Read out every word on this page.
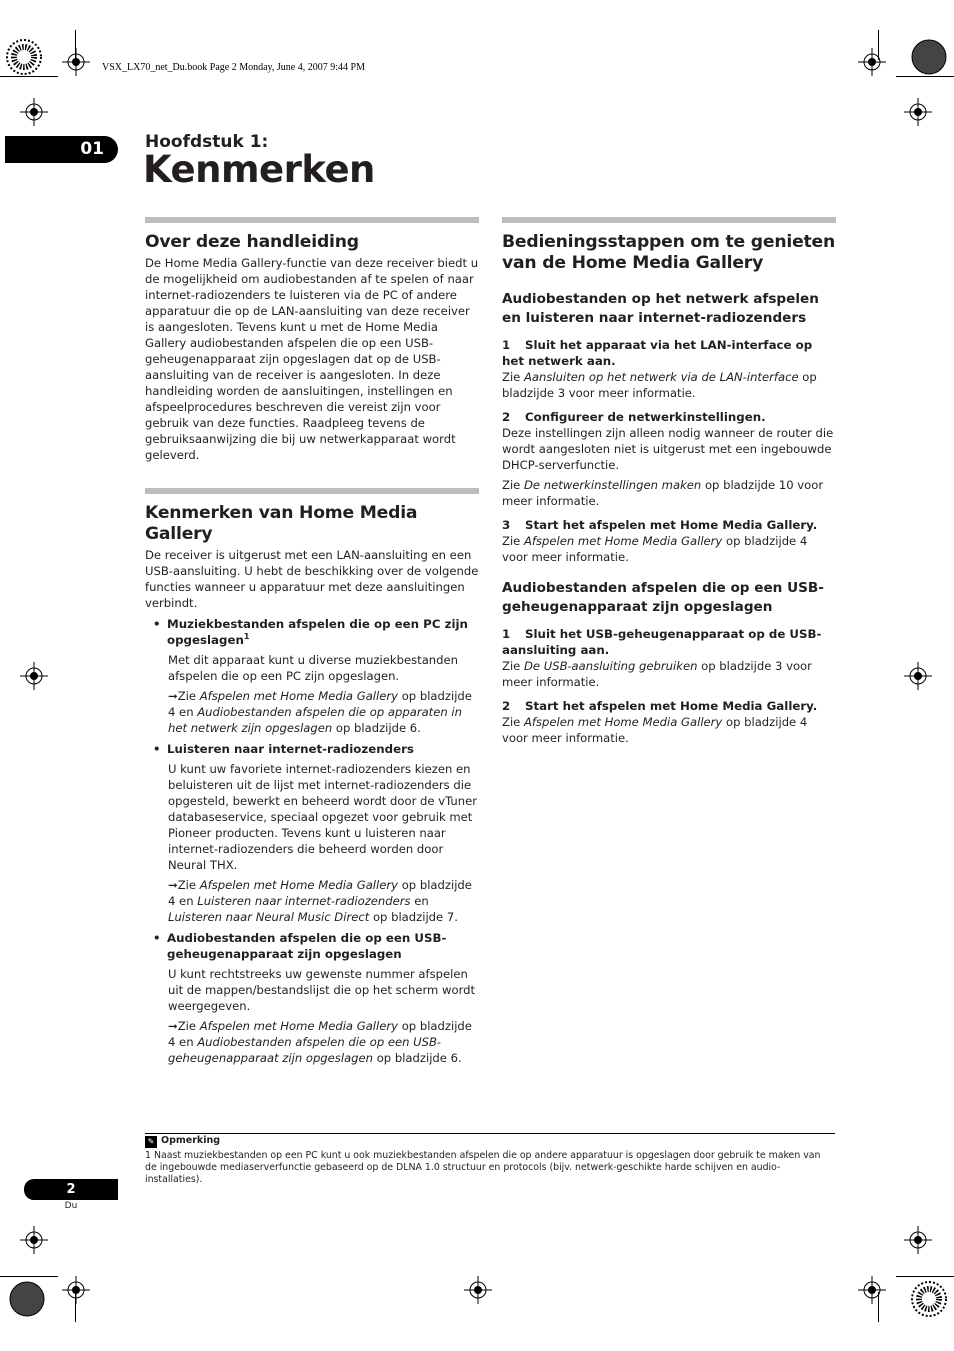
VSX_LX70_net_Du.book Page 2 Monday, June 4, 2007 9:44 PM
01	Hoofdstuk 1:
Kenmerken
Over deze handleiding

De Home Media Gallery-functie van deze receiver biedt u de mogelijkheid om audiobestanden af te spelen of naar internet-radiozenders te luisteren via de PC of andere apparatuur die op de LAN-aansluiting van deze receiver is aangesloten. Tevens kunt u met de Home Media Gallery audiobestanden afspelen die op een USB-geheugenapparaat zijn opgeslagen dat op de USB-aansluiting van de receiver is aangesloten. In deze handleiding worden de aansluitingen, instellingen en afspeelprocedures beschreven die vereist zijn voor gebruik van deze functies. Raadpleeg tevens de gebruiksaanwijzing die bij uw netwerkapparaat wordt geleverd.

Kenmerken van Home Media Gallery

De receiver is uitgerust met een LAN-aansluiting en een USB-aansluiting. U hebt de beschikking over de volgende functies wanneer u apparatuur met deze aansluitingen verbindt.

• Muziekbestanden afspelen die op een PC zijn opgeslagen$^1$

Met dit apparaat kunt u diverse muziekbestanden afspelen die op een PC zijn opgeslagen.

➞Zie Afspelen met Home Media Gallery op bladzijde 4 en Audiobestanden afspelen die op apparaten in het netwerk zijn opgeslagen op bladzijde 6.

• Luisteren naar internet-radiozenders

U kunt uw favoriete internet-radiozenders kiezen en beluisteren uit de lijst met internet-radiozenders die opgesteld, bewerkt en beheerd wordt door de vTuner databaseservice, speciaal opgezet voor gebruik met Pioneer producten. Tevens kunt u luisteren naar internet-radiozenders die beheerd worden door Neural THX.

➞Zie Afspelen met Home Media Gallery op bladzijde 4 en Luisteren naar internet-radiozenders en Luisteren naar Neural Music Direct op bladzijde 7.

• Audiobestanden afspelen die op een USB-geheugenapparaat zijn opgeslagen

U kunt rechtstreeks uw gewenste nummer afspelen uit de mappen/bestandslijst die op het scherm wordt weergegeven.

➞Zie Afspelen met Home Media Gallery op bladzijde 4 en Audiobestanden afspelen die op een USB-geheugenapparaat zijn opgeslagen op bladzijde 6.

Bedieningsstappen om te genieten van de Home Media Gallery
Audiobestanden op het netwerk afspelen en luisteren naar internet-radiozenders
1 Sluit het apparaat via het LAN-interface op het netwerk aan.

Zie Aansluiten op het netwerk via de LAN-interface op bladzijde 3 voor meer informatie.

2 Configureer de netwerkinstellingen.

Deze instellingen zijn alleen nodig wanneer de router die wordt aangesloten niet is uitgerust met een ingebouwde DHCP-serverfunctie.

Zie De netwerkinstellingen maken op bladzijde 10 voor meer informatie.

3 Start het afspelen met Home Media Gallery.

Zie Afspelen met Home Media Gallery op bladzijde 4 voor meer informatie.

Audiobestanden afspelen die op een USB-geheugenapparaat zijn opgeslagen
1 Sluit het USB-geheugenapparaat op de USB-aansluiting aan.

Zie De USB-aansluiting gebruiken op bladzijde 3 voor meer informatie.

2 Start het afspelen met Home Media Gallery.

Zie Afspelen met Home Media Gallery op bladzijde 4 voor meer informatie.

✎ Opmerking
1 Naast muziekbestanden op een PC kunt u ook muziekbestanden afspelen die op andere apparatuur is opgeslagen door gebruik te maken van de ingebouwde mediaserverfunctie gebaseerd op de DLNA 1.0 structuur en protocols (bijv. netwerk-geschikte harde schijven en audio-installaties).
2
Du
